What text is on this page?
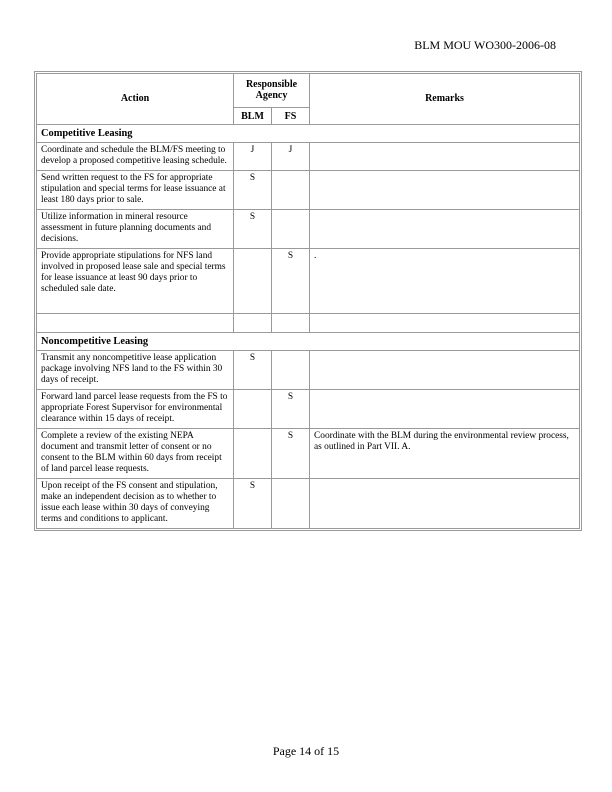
BLM MOU WO300-2006-08
Action	Responsible Agency		Remarks
	BLM	FS	
Competitive Leasing			
Coordinate and schedule the BLM/FS meeting to develop a proposed competitive leasing schedule.	J	J	
Send written request to the FS for appropriate stipulation and special terms for lease issuance at least 180 days prior to sale.	S		
Utilize information in mineral resource assessment in future planning documents and decisions.	S		
Provide appropriate stipulations for NFS land involved in proposed lease sale and special terms for lease issuance at least 90 days prior to scheduled sale date.		S	.

Noncompetitive Leasing			
Transmit any noncompetitive lease application package involving NFS land to the FS within 30 days of receipt.	S		
Forward land parcel lease requests from the FS to appropriate Forest Supervisor for environmental clearance within 15 days of receipt.		S	
Complete a review of the existing NEPA document and transmit letter of consent or no consent to the BLM within 60 days from receipt of land parcel lease requests.		S	Coordinate with the BLM during the environmental review process, as outlined in Part VII. A.
Upon receipt of the FS consent and stipulation, make an independent decision as to whether to issue each lease within 30 days of conveying terms and conditions to applicant.	S		
Page 14 of 15
